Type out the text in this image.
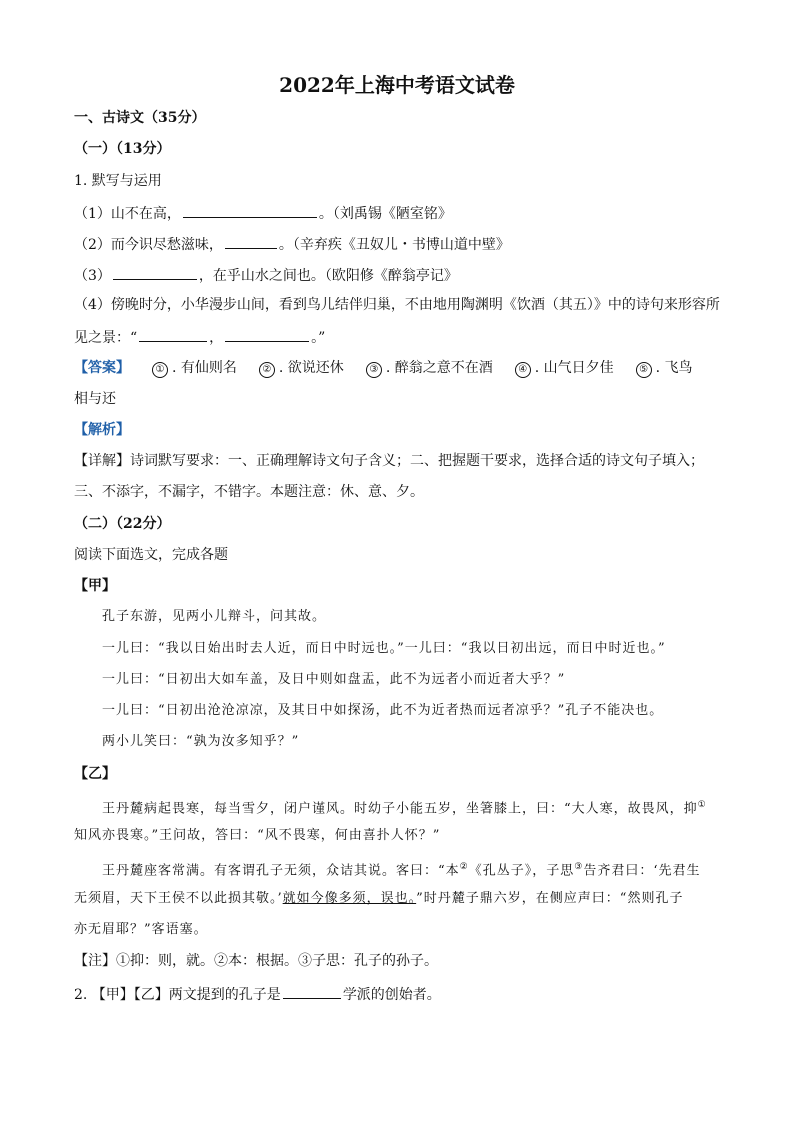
2022年上海中考语文试卷
一、古诗文（35分）
（一）（13分）
1. 默写与运用
（1）山不在高，	。（刘禹锡《陋室铭》
（2）而今识尽愁滋味，	。（辛弃疾《丑奴儿・书博山道中壁》
（3）	，在乎山水之间也。（欧阳修《醉翁亭记》
（4）傍晚时分，小华漫步山间，看到鸟儿结伴归巢，不由地用陶渊明《饮酒（其五）》中的诗句来形容所
见之景：“	，	。”
【答案】	① . 有仙则名	② . 欲说还休	③ . 醉翁之意不在酒	④ . 山气日夕佳	⑤ . 飞鸟
相与还
【解析】
【详解】诗词默写要求：一、正确理解诗文句子含义；二、把握题干要求，选择合适的诗文句子填入；
三、不添字，不漏字，不错字。本题注意：休、意、夕。
（二）（22分）
阅读下面选文，完成各题
【甲】
孔子东游，见两小儿辩斗，问其故。
一儿曰：“我以日始出时去人近，而日中时远也。”一儿曰：“我以日初出远，而日中时近也。”
一儿曰：“日初出大如车盖，及日中则如盘盂，此不为远者小而近者大乎？”
一儿曰：“日初出沧沧凉凉，及其日中如探汤，此不为近者热而远者凉乎？”孔子不能决也。
两小儿笑曰：“孰为汝多知乎？”
【乙】
王丹麓病起畏寒，每当雪夕，闭户谨风。时幼子小能五岁，坐箸膝上，曰：“大人寒，故畏风，抑①
知风亦畏寒。”王问故，答曰：“风不畏寒，何由喜扑人怀？”
王丹麓座客常满。有客谓孔子无须，众诘其说。客曰：“本②《孔丛子》，子思③告齐君曰：‘先君生
无须眉，天下王侯不以此损其敬。’就如今像多须，误也。”时丹麓子鼎六岁，在侧应声曰：“然则孔子
亦无眉耶？”客语塞。
【注】①抑：则，就。②本：根据。③子思：孔子的孙子。
2. 【甲】【乙】两文提到的孔子是	学派的创始者。
